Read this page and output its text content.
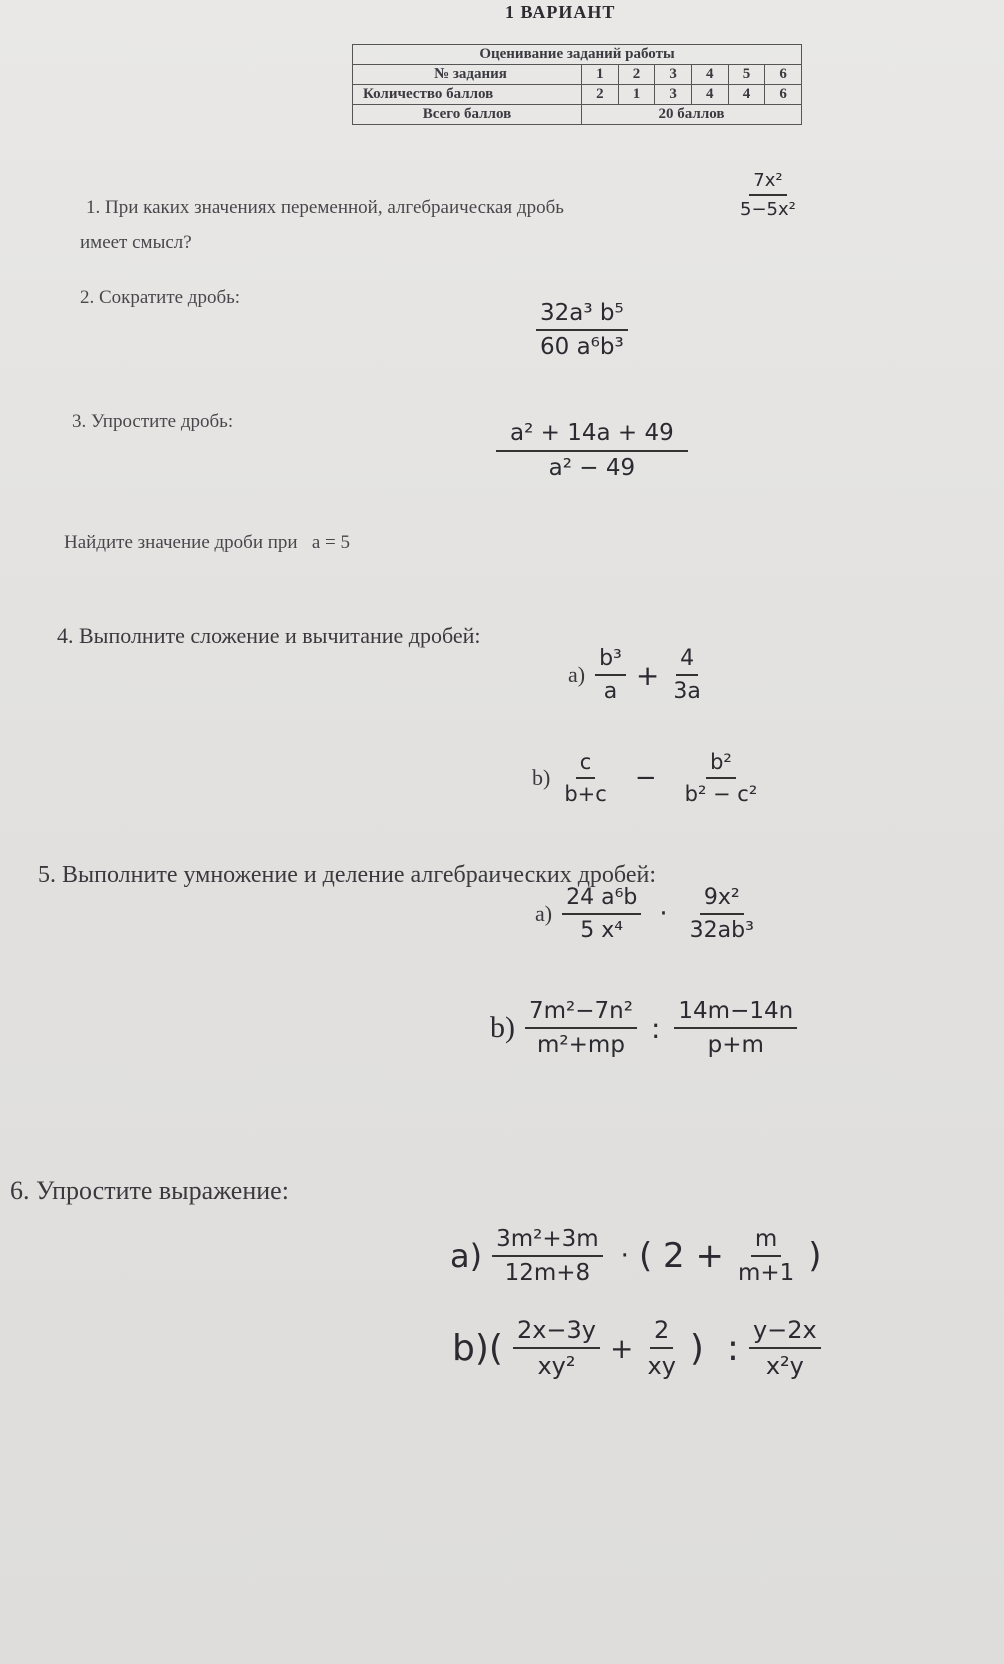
1 ВАРИАНТ
Оценивание заданий работы						
№ задания	1	2	3	4	5	6
Количество баллов	2	1	3	4	4	6
Всего баллов	20 баллов					
1. При каких значениях переменной, алгебраическая дробь	$\frac{\text{7x²}}{\text{5−5x²}}$
имеет смысл?
2. Сократите дробь:
$\frac{\text{32a³ b⁵}}{\text{60 a⁶b³}}$
3. Упростите дробь:	$\frac{\text{a² + 14a + 49}}{\text{a² − 49}}$
Найдите значение дроби при a = 5
4. Выполните сложение и вычитание дробей:
$a) \frac{\text{b³}}{a} + \frac{4}{3a}$
$b) \frac{c}{b+c}$ −	$\frac{\text{b²}}{\text{b² − c²}}$
5. Выполните умножение и деление алгебраических дробей:
$a) \frac{\text{24 a⁶b}}{\text{5 x⁴}} \cdot \frac{\text{9x²}}{\text{32ab³}}$
$b) \frac{\text{7m²−7n²}}{\text{m²+mp}}$ : $\frac{14m-14n}{p+m}$
6. Упростите выражение:
$a) \frac{\text{3m²+3m}}{12m+8}$ · ( $2 + \frac{m}{m+1}$ )
$b)( \frac{2x-3y}{\text{xy²}} + \frac{2}{xy}$ )  : $\frac{y-2x}{\text{x²y}}$
